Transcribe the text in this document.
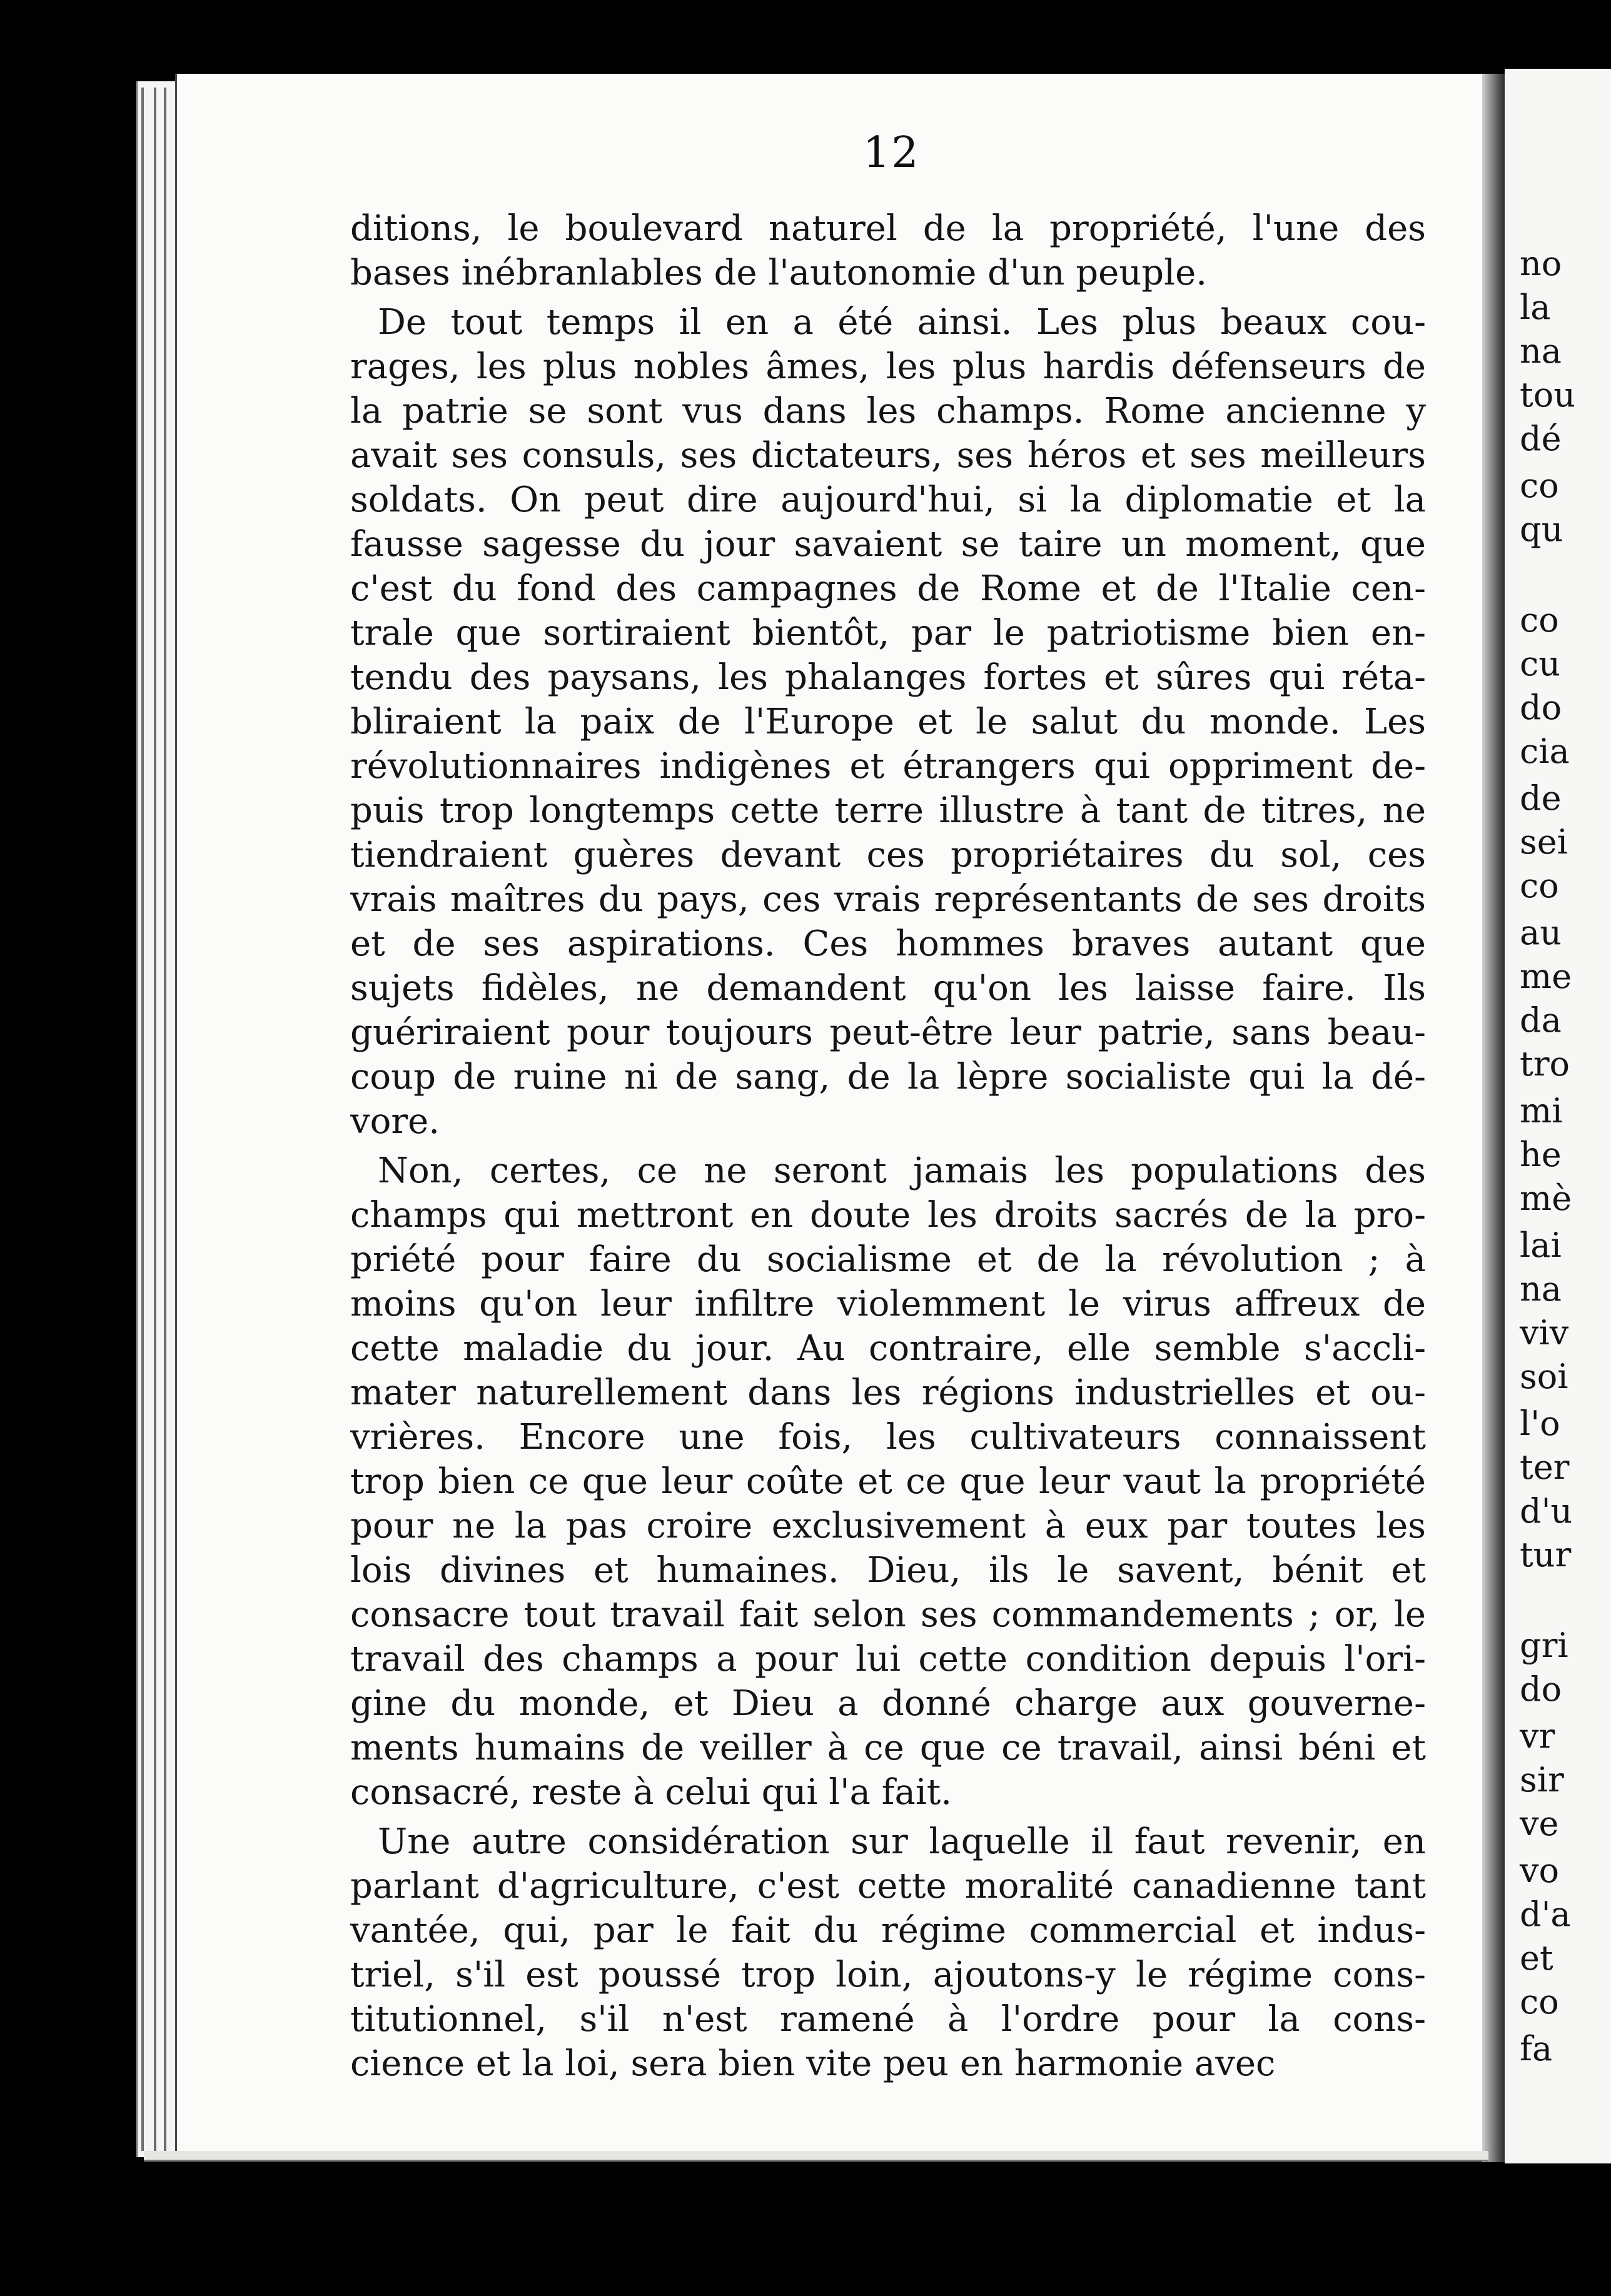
12
ditions, le boulevard naturel de la propriété, l'une des
bases inébranlables de l'autonomie d'un peuple.
De tout temps il en a été ainsi. Les plus beaux cou-
rages, les plus nobles âmes, les plus hardis défenseurs de
la patrie se sont vus dans les champs. Rome ancienne y
avait ses consuls, ses dictateurs, ses héros et ses meilleurs
soldats. On peut dire aujourd'hui, si la diplomatie et la
fausse sagesse du jour savaient se taire un moment, que
c'est du fond des campagnes de Rome et de l'Italie cen-
trale que sortiraient bientôt, par le patriotisme bien en-
tendu des paysans, les phalanges fortes et sûres qui réta-
bliraient la paix de l'Europe et le salut du monde. Les
révolutionnaires indigènes et étrangers qui oppriment de-
puis trop longtemps cette terre illustre à tant de titres, ne
tiendraient guères devant ces propriétaires du sol, ces
vrais maîtres du pays, ces vrais représentants de ses droits
et de ses aspirations. Ces hommes braves autant que
sujets fidèles, ne demandent qu'on les laisse faire. Ils
guériraient pour toujours peut-être leur patrie, sans beau-
coup de ruine ni de sang, de la lèpre socialiste qui la dé-
vore.
Non, certes, ce ne seront jamais les populations des
champs qui mettront en doute les droits sacrés de la pro-
priété pour faire du socialisme et de la révolution ; à
moins qu'on leur infiltre violemment le virus affreux de
cette maladie du jour. Au contraire, elle semble s'accli-
mater naturellement dans les régions industrielles et ou-
vrières. Encore une fois, les cultivateurs connaissent
trop bien ce que leur coûte et ce que leur vaut la propriété
pour ne la pas croire exclusivement à eux par toutes les
lois divines et humaines. Dieu, ils le savent, bénit et
consacre tout travail fait selon ses commandements ; or, le
travail des champs a pour lui cette condition depuis l'ori-
gine du monde, et Dieu a donné charge aux gouverne-
ments humains de veiller à ce que ce travail, ainsi béni et
consacré, reste à celui qui l'a fait.
Une autre considération sur laquelle il faut revenir, en
parlant d'agriculture, c'est cette moralité canadienne tant
vantée, qui, par le fait du régime commercial et indus-
triel, s'il est poussé trop loin, ajoutons-y le régime cons-
titutionnel, s'il n'est ramené à l'ordre pour la cons-
cience et la loi, sera bien vite peu en harmonie avec
no
la
na
tou
dé
co
qu
co
cu
do
cia
de
sei
co
au
me
da
tro
mi
he
mè
lai
na
viv
soi
l'o
ter
d'u
tur
gri
do
vr
sir
ve
vo
d'a
et
co
fa
